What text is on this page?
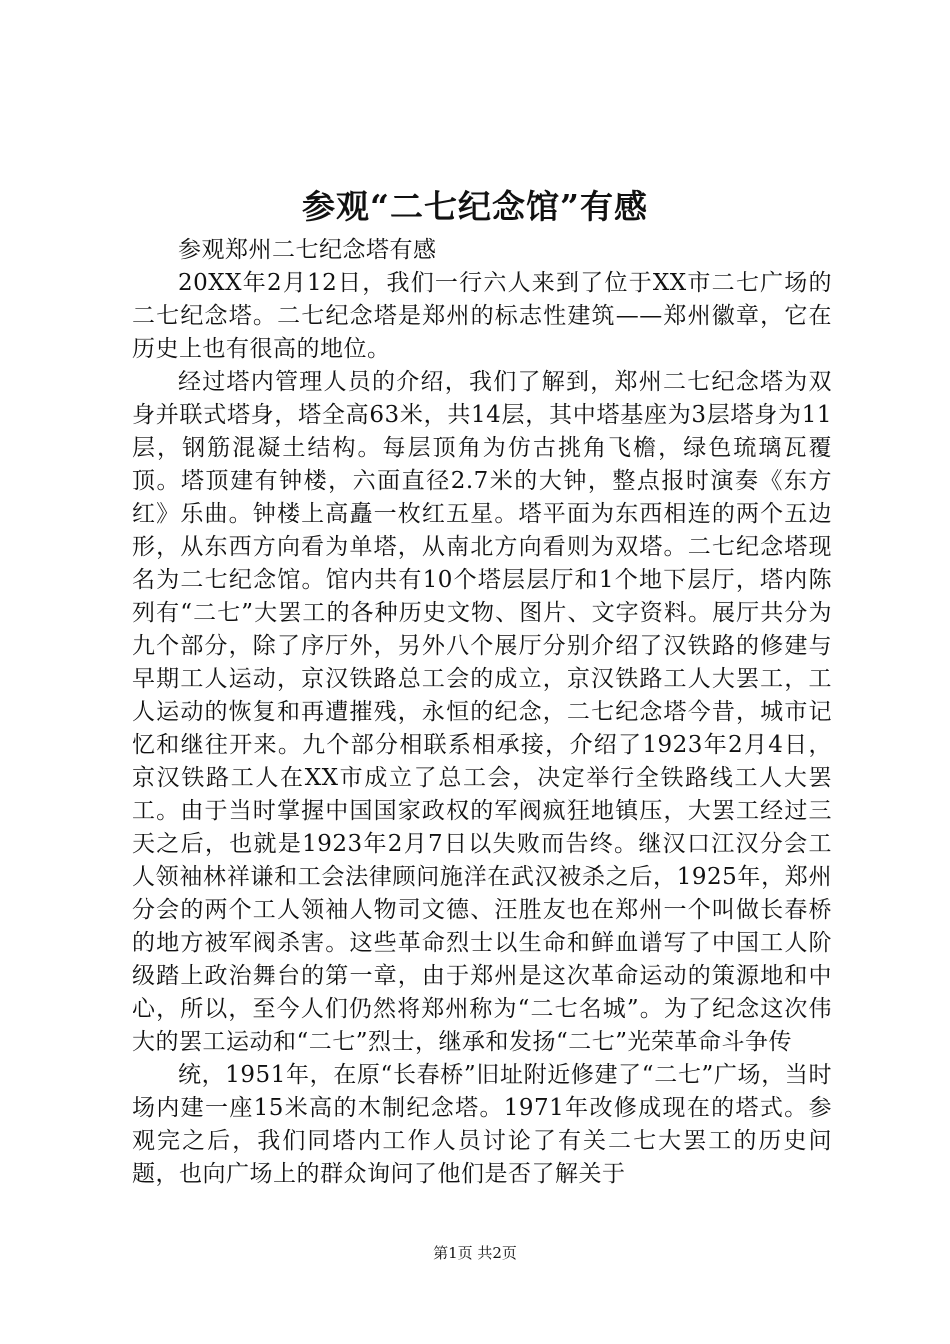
参观“二七纪念馆”有感

参观郑州二七纪念塔有感

20XX年2月12日，我们一行六人来到了位于XX市二七广场的二七纪念塔。二七纪念塔是郑州的标志性建筑——郑州徽章，它在历史上也有很高的地位。

经过塔内管理人员的介绍，我们了解到，郑州二七纪念塔为双身并联式塔身，塔全高63米，共14层，其中塔基座为3层塔身为11层，钢筋混凝土结构。每层顶角为仿古挑角飞檐，绿色琉璃瓦覆顶。塔顶建有钟楼，六面直径2.7米的大钟，整点报时演奏《东方红》乐曲。钟楼上高矗一枚红五星。塔平面为东西相连的两个五边形，从东西方向看为单塔，从南北方向看则为双塔。二七纪念塔现名为二七纪念馆。馆内共有10个塔层层厅和1个地下层厅，塔内陈列有“二七”大罢工的各种历史文物、图片、文字资料。展厅共分为九个部分，除了序厅外，另外八个展厅分别介绍了汉铁路的修建与早期工人运动，京汉铁路总工会的成立，京汉铁路工人大罢工，工人运动的恢复和再遭摧残，永恒的纪念，二七纪念塔今昔，城市记忆和继往开来。九个部分相联系相承接，介绍了1923年2月4日，京汉铁路工人在XX市成立了总工会，决定举行全铁路线工人大罢工。由于当时掌握中国国家政权的军阀疯狂地镇压，大罢工经过三天之后，也就是1923年2月7日以失败而告终。继汉口江汉分会工人领袖林祥谦和工会法律顾问施洋在武汉被杀之后，1925年，郑州分会的两个工人领袖人物司文德、汪胜友也在郑州一个叫做长春桥的地方被军阀杀害。这些革命烈士以生命和鲜血谱写了中国工人阶级踏上政治舞台的第一章，由于郑州是这次革命运动的策源地和中心，所以，至今人们仍然将郑州称为“二七名城”。为了纪念这次伟大的罢工运动和“二七”烈士，继承和发扬“二七”光荣革命斗争传

统，1951年，在原“长春桥”旧址附近修建了“二七”广场，当时场内建一座15米高的木制纪念塔。1971年改修成现在的塔式。参观完之后，我们同塔内工作人员讨论了有关二七大罢工的历史问题，也向广场上的群众询问了他们是否了解关于

第1页 共2页
